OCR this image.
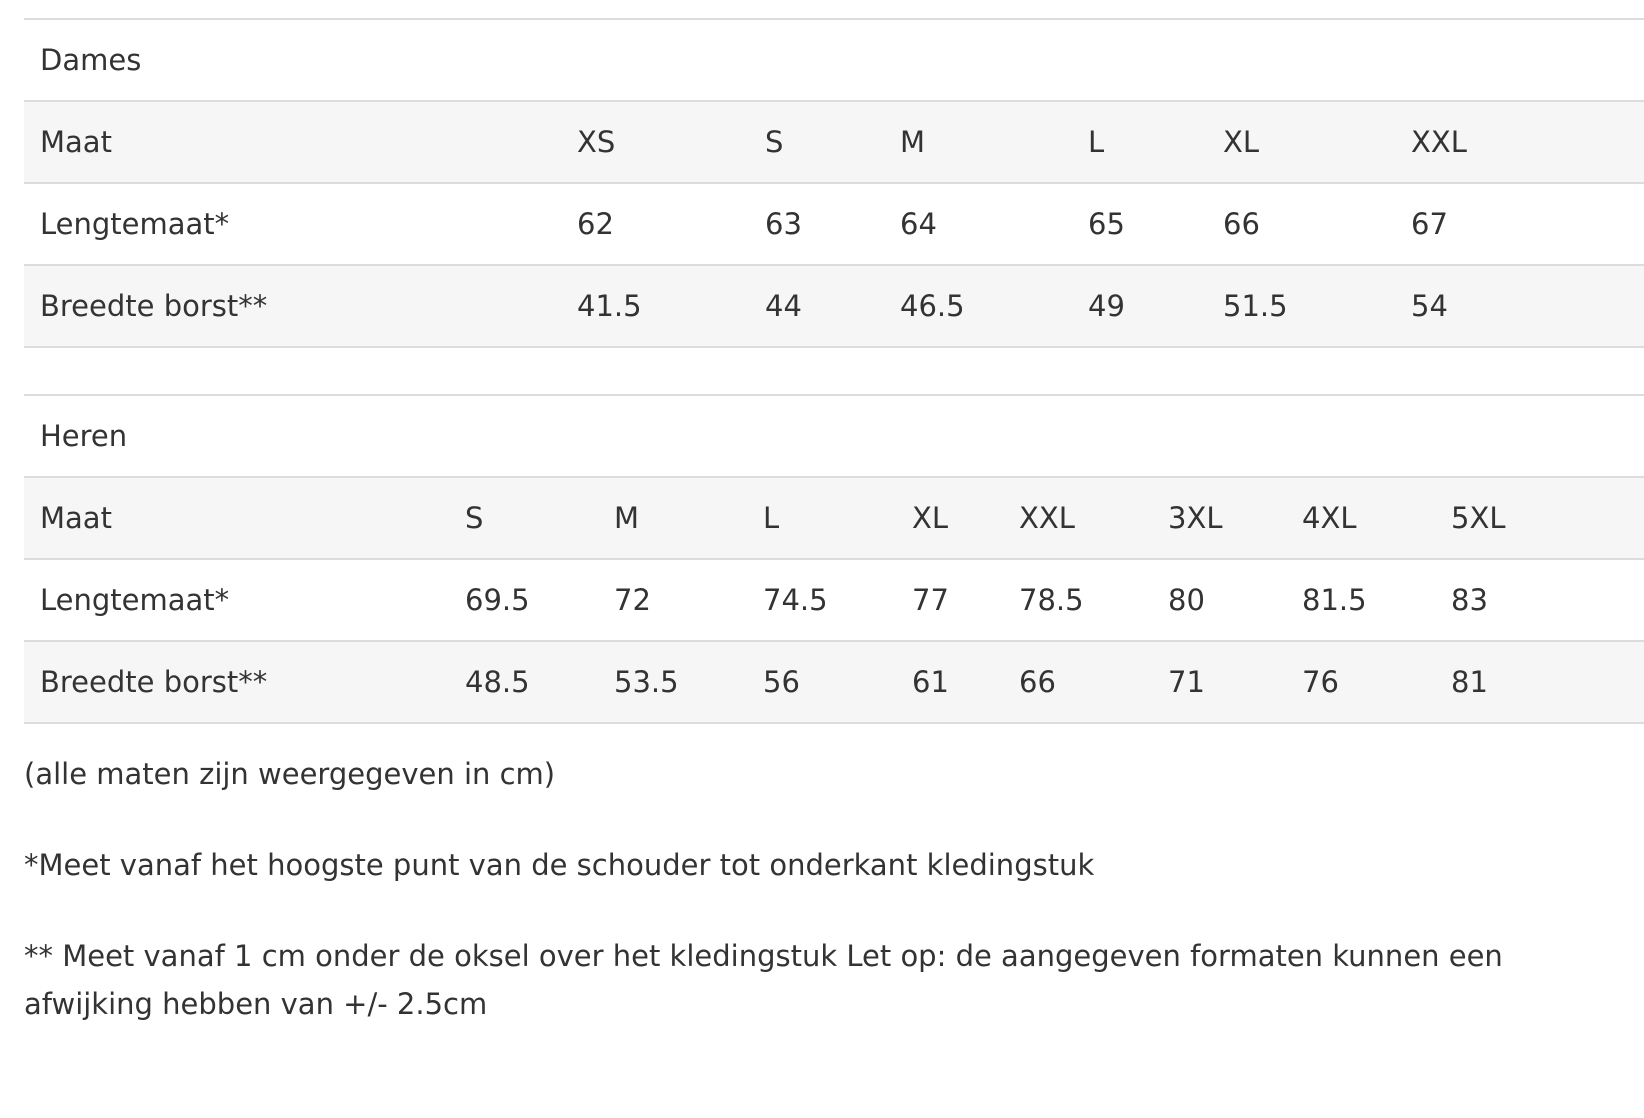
Dames						
Maat	XS	S	M	L	XL	XXL
Lengtemaat*	62	63	64	65	66	67
Breedte borst**	41.5	44	46.5	49	51.5	54
Heren								
Maat	S	M	L	XL	XXL	3XL	4XL	5XL
Lengtemaat*	69.5	72	74.5	77	78.5	80	81.5	83
Breedte borst**	48.5	53.5	56	61	66	71	76	81

(alle maten zijn weergegeven in cm)

*Meet vanaf het hoogste punt van de schouder tot onderkant kledingstuk

** Meet vanaf 1 cm onder de oksel over het kledingstuk Let op: de aangegeven formaten kunnen een afwijking hebben van +/- 2.5cm
